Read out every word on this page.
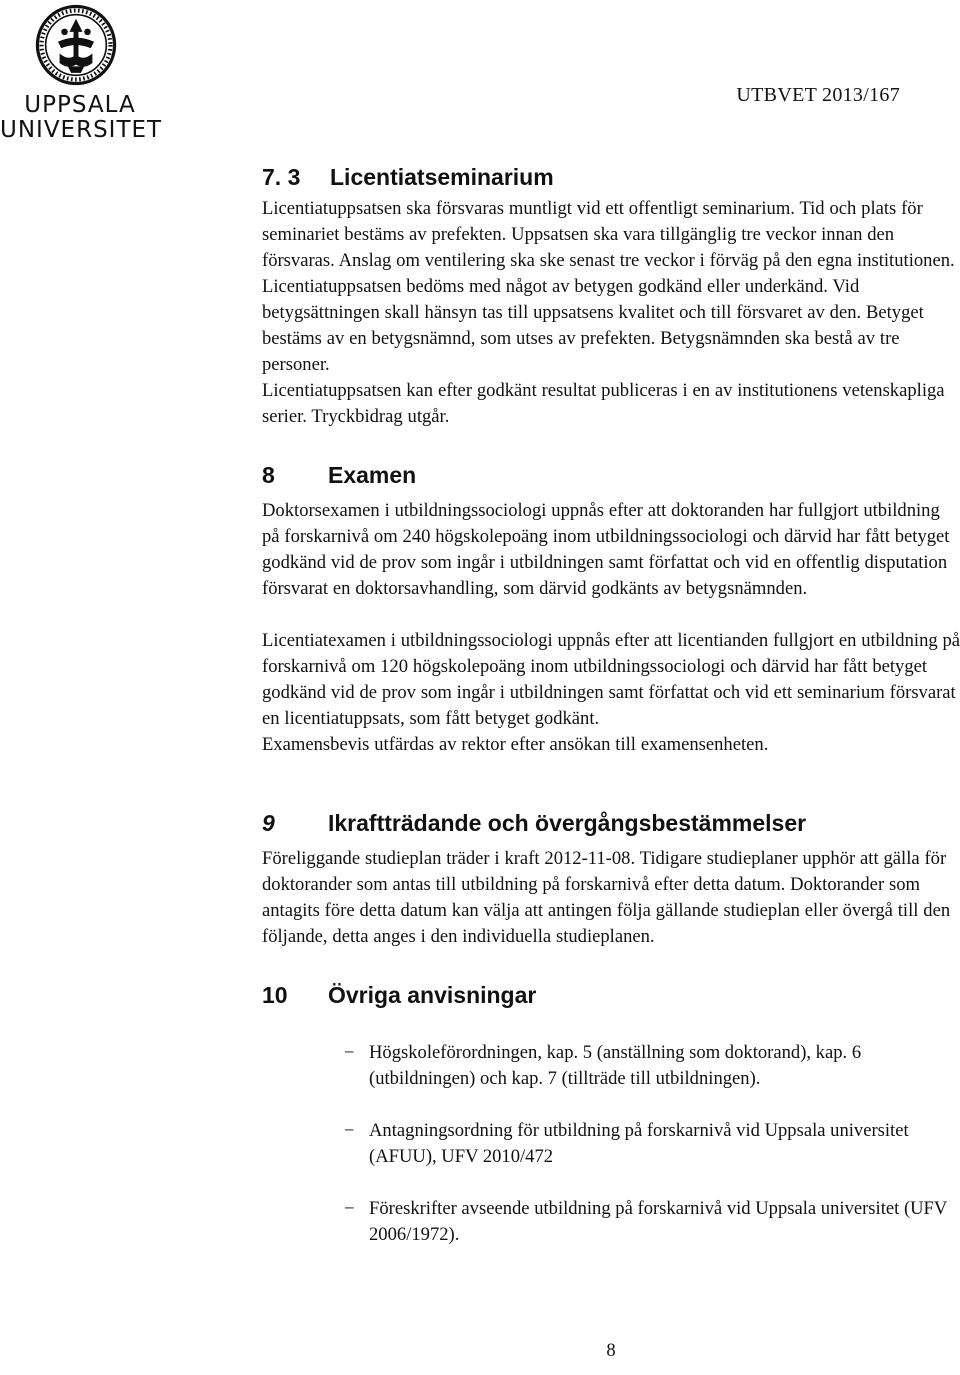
UPPSALA
UNIVERSITET
UTBVET 2013/167
7. 3	Licentiatseminarium

Licentiatuppsatsen ska försvaras muntligt vid ett offentligt seminarium. Tid och plats för seminariet bestäms av prefekten. Uppsatsen ska vara tillgänglig tre veckor innan den försvaras. Anslag om ventilering ska ske senast tre veckor i förväg på den egna institutionen.

Licentiatuppsatsen bedöms med något av betygen godkänd eller underkänd. Vid betygsättningen skall hänsyn tas till uppsatsens kvalitet och till försvaret av den. Betyget bestäms av en betygsnämnd, som utses av prefekten. Betygsnämnden ska bestå av tre personer.

Licentiatuppsatsen kan efter godkänt resultat publiceras i en av institutionens vetenskapliga serier. Tryckbidrag utgår.

8	Examen

Doktorsexamen i utbildningssociologi uppnås efter att doktoranden har fullgjort utbildning på forskarnivå om 240 högskolepoäng inom utbildningssociologi och därvid har fått betyget godkänd vid de prov som ingår i utbildningen samt författat och vid en offentlig disputation försvarat en doktorsavhandling, som därvid godkänts av betygsnämnden.

Licentiatexamen i utbildningssociologi uppnås efter att licentianden fullgjort en utbildning på forskarnivå om 120 högskolepoäng inom utbildningssociologi och därvid har fått betyget godkänd vid de prov som ingår i utbildningen samt författat och vid ett seminarium försvarat en licentiatuppsats, som fått betyget godkänt.

Examensbevis utfärdas av rektor efter ansökan till examensenheten.

9	Ikraftträdande och övergångsbestämmelser

Föreliggande studieplan träder i kraft 2012-11-08. Tidigare studieplaner upphör att gälla för doktorander som antas till utbildning på forskarnivå efter detta datum. Doktorander som antagits före detta datum kan välja att antingen följa gällande studieplan eller övergå till den följande, detta anges i den individuella studieplanen.

10	Övriga anvisningar
− Högskoleförordningen, kap. 5 (anställning som doktorand), kap. 6 (utbildningen) och kap. 7 (tillträde till utbildningen).
− Antagningsordning för utbildning på forskarnivå vid Uppsala universitet (AFUU), UFV 2010/472
− Föreskrifter avseende utbildning på forskarnivå vid Uppsala universitet (UFV 2006/1972).
8
